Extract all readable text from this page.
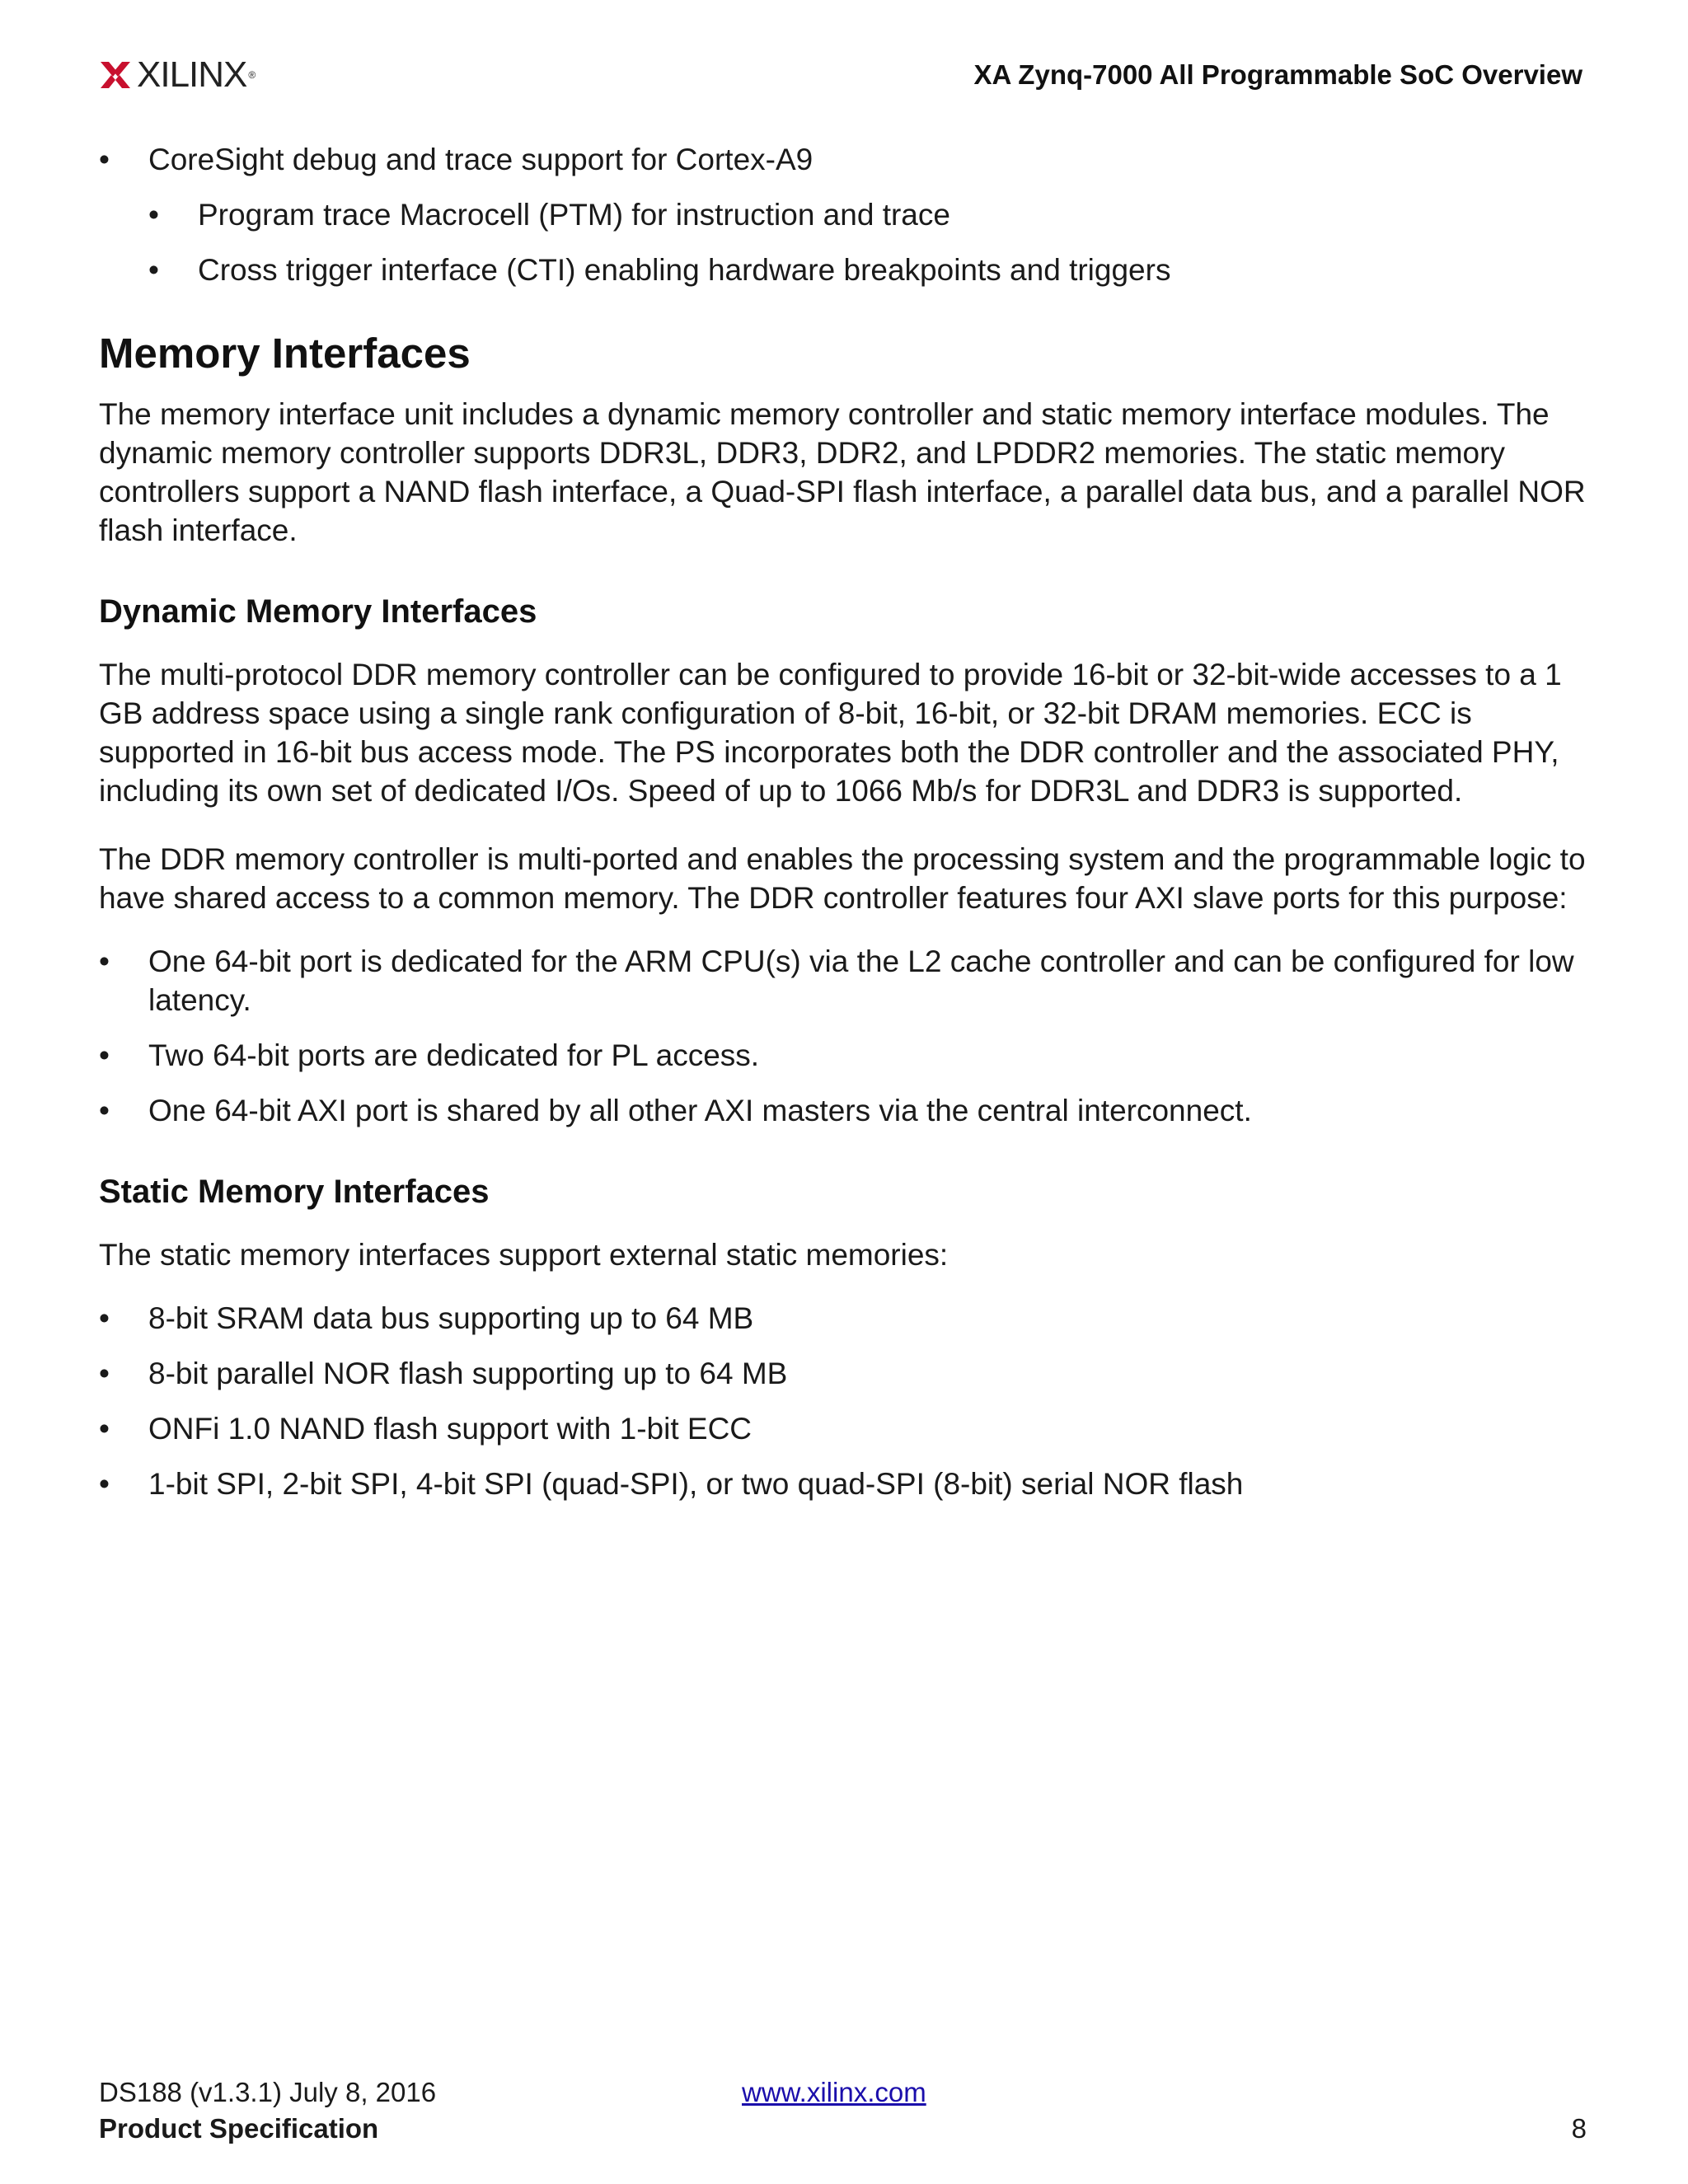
XILINX ®	XA Zynq-7000 All Programmable SoC Overview
• CoreSight debug and trace support for Cortex-A9
• Program trace Macrocell (PTM) for instruction and trace
• Cross trigger interface (CTI) enabling hardware breakpoints and triggers
Memory Interfaces

The memory interface unit includes a dynamic memory controller and static memory interface modules. The dynamic memory controller supports DDR3L, DDR3, DDR2, and LPDDR2 memories. The static memory controllers support a NAND flash interface, a Quad-SPI flash interface, a parallel data bus, and a parallel NOR flash interface.

Dynamic Memory Interfaces

The multi-protocol DDR memory controller can be configured to provide 16-bit or 32-bit-wide accesses to a 1 GB address space using a single rank configuration of 8-bit, 16-bit, or 32-bit DRAM memories. ECC is supported in 16-bit bus access mode. The PS incorporates both the DDR controller and the associated PHY, including its own set of dedicated I/Os. Speed of up to 1066 Mb/s for DDR3L and DDR3 is supported.

The DDR memory controller is multi-ported and enables the processing system and the programmable logic to have shared access to a common memory. The DDR controller features four AXI slave ports for this purpose:

• One 64-bit port is dedicated for the ARM CPU(s) via the L2 cache controller and can be configured for low latency.
• Two 64-bit ports are dedicated for PL access.
• One 64-bit AXI port is shared by all other AXI masters via the central interconnect.
Static Memory Interfaces

The static memory interfaces support external static memories:

• 8-bit SRAM data bus supporting up to 64 MB
• 8-bit parallel NOR flash supporting up to 64 MB
• ONFi 1.0 NAND flash support with 1-bit ECC
• 1-bit SPI, 2-bit SPI, 4-bit SPI (quad-SPI), or two quad-SPI (8-bit) serial NOR flash
DS188 (v1.3.1) July 8, 2016
Product Specification
www.xilinx.com
8
